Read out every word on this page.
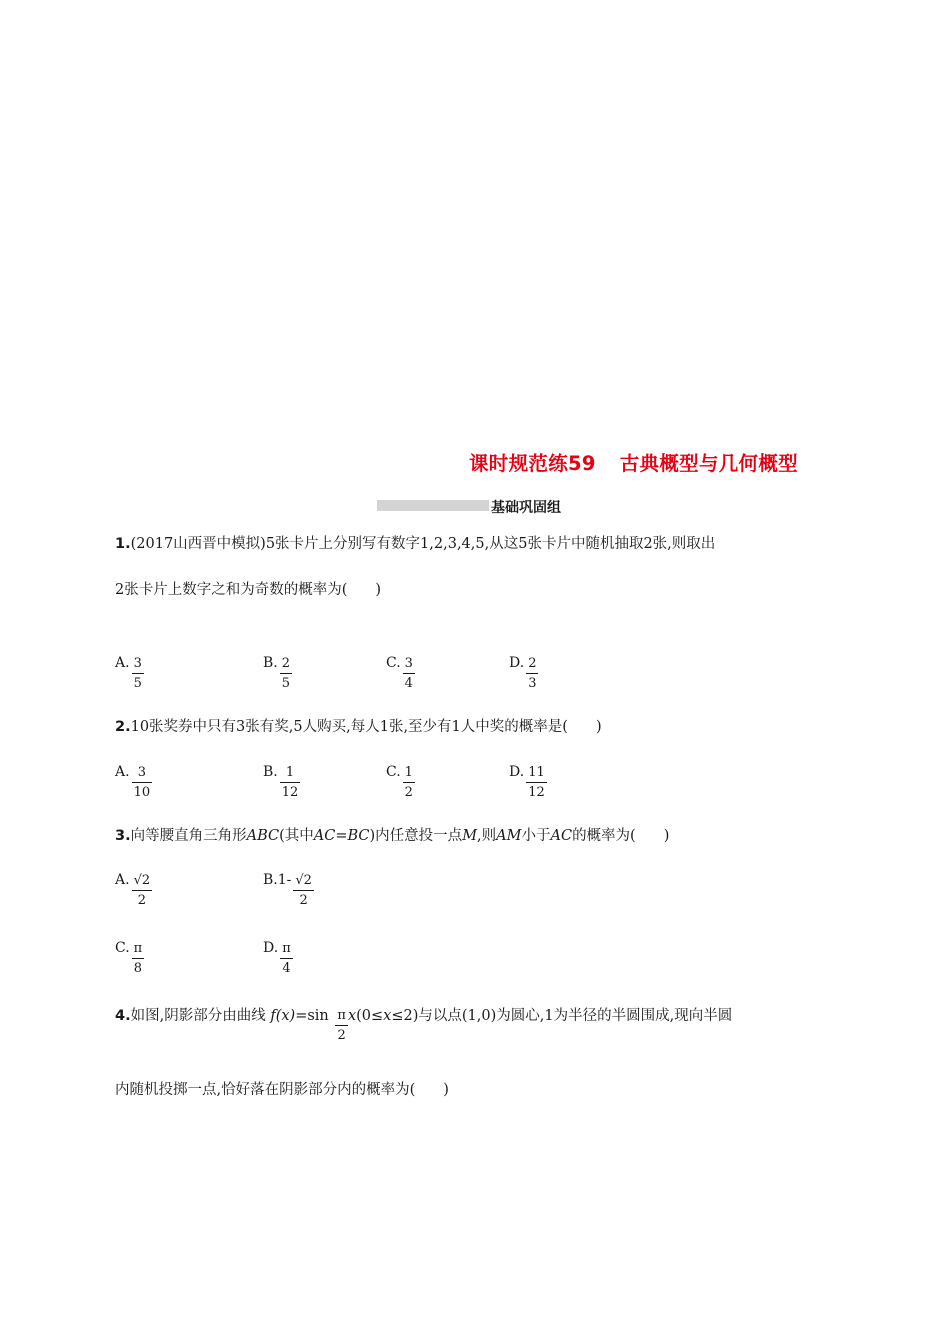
课时规范练59 古典概型与几何概型
基础巩固组
1.(2017山西晋中模拟)5张卡片上分别写有数字1,2,3,4,5,从这5张卡片中随机抽取2张,则取出
2张卡片上数字之和为奇数的概率为( )
A. $\frac{3}{5}$	B. $\frac{2}{5}$	C. $\frac{3}{4}$	D. $\frac{2}{3}$
2.10张奖券中只有3张有奖,5人购买,每人1张,至少有1人中奖的概率是( )
A. $\frac{3}{10}$	B. $\frac{1}{12}$	C. $\frac{1}{2}$	D. $\frac{11}{12}$
3.向等腰直角三角形ABC(其中AC=BC)内任意投一点M,则AM小于AC的概率为( )
A. $\frac{√2}{2}$	$B.1- \frac{√2}{2}$
C. $\frac{\pi}{8}$	D. $\frac{\pi}{4}$
4.如图,阴影部分由曲线 $f(x)=\sin \frac{\pi}{2} x(0\le x\le 2)$与以点(1,0)为圆心,1为半径的半圆围成,现向半圆
内随机投掷一点,恰好落在阴影部分内的概率为( )
